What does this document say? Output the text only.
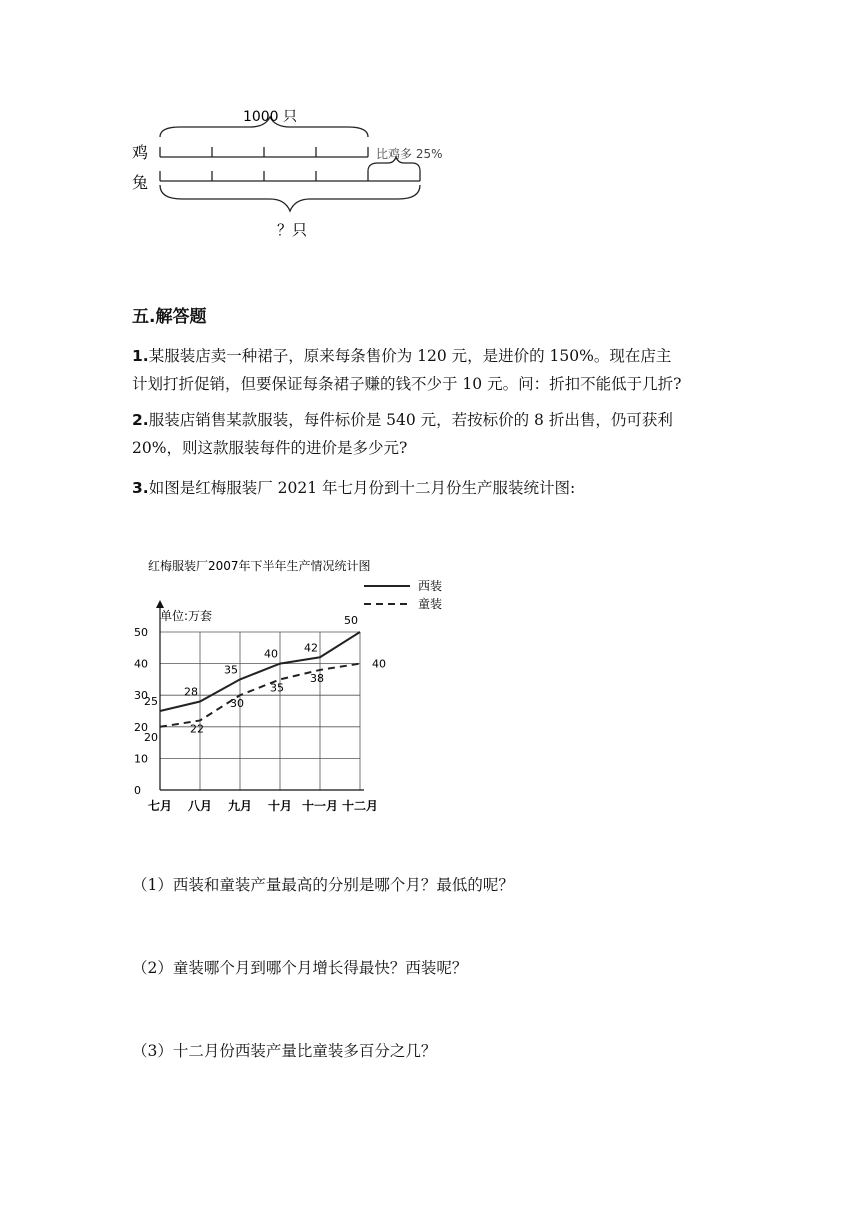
1000 只
鸡	比鸡多 25%
兔
？只
五.解答题
1.某服装店卖一种裙子，原来每条售价为 120 元，是进价的 150%。现在店主
计划打折促销，但要保证每条裙子赚的钱不少于 10 元。问：折扣不能低于几折?
2.服装店销售某款服装，每件标价是 540 元，若按标价的 8 折出售，仍可获利
20%，则这款服装每件的进价是多少元?
3.如图是红梅服装厂 2021 年七月份到十二月份生产服装统计图:
红梅服装厂2007年下半年生产情况统计图
单位:万套
0
10
20
30
40
50
七月 八月 九月 十月 十一月 十二月
25
28
35
40 42
50
20
22
30
35
38
40
西装
童装
（1）西装和童装产量最高的分别是哪个月？最低的呢？
（2）童装哪个月到哪个月增长得最快？西装呢？
（3）十二月份西装产量比童装多百分之几？
